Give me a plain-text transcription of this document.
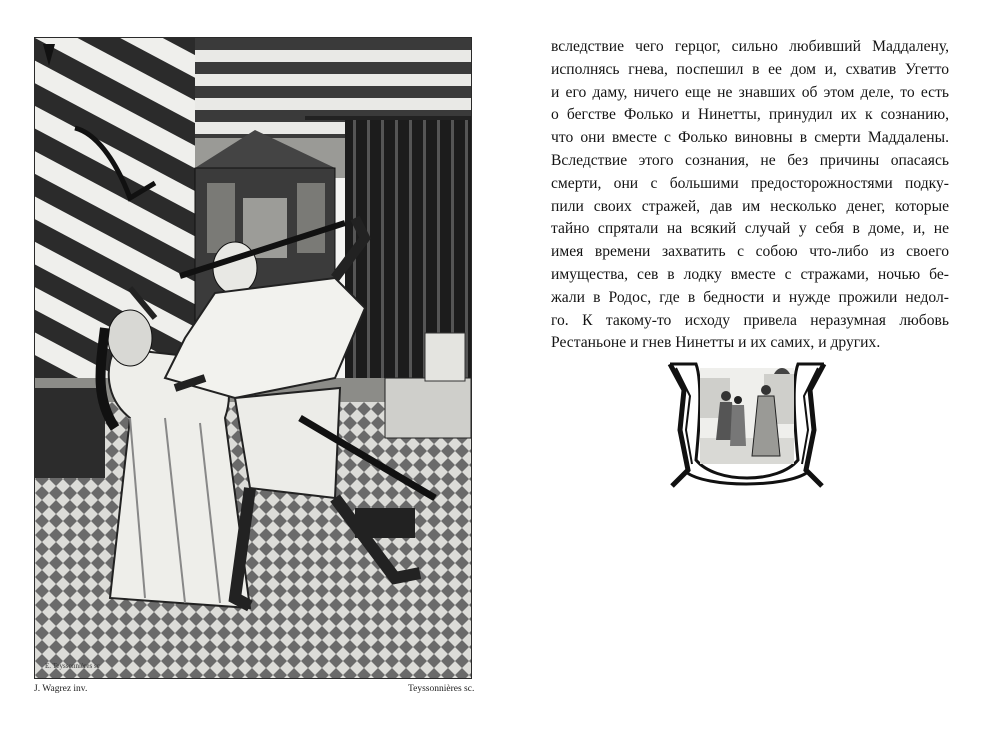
E. Teyssonnières sc
J. Wagrez inv.	Teyssonnières sc.
вследствие чего герцог, сильно любивший Маддалену,
исполнясь гнева, поспешил в ее дом и, схватив Угетто
и его даму, ничего еще не знавших об этом деле, то есть
о бегстве Фолько и Нинетты, принудил их к сознанию,
что они вместе с Фолько виновны в смерти Маддалены.
Вследствие этого сознания, не без причины опасаясь
смерти, они с большими предосторожностями подку-
пили своих стражей, дав им несколько денег, которые
тайно спрятали на всякий случай у себя в доме, и, не
имея времени захватить с собою что-либо из своего
имущества, сев в лодку вместе с стражами, ночью бе-
жали в Родос, где в бедности и нужде прожили недол-
го. К такому-то исходу привела неразумная любовь
Рестаньоне и гнев Нинетты и их самих, и других.
